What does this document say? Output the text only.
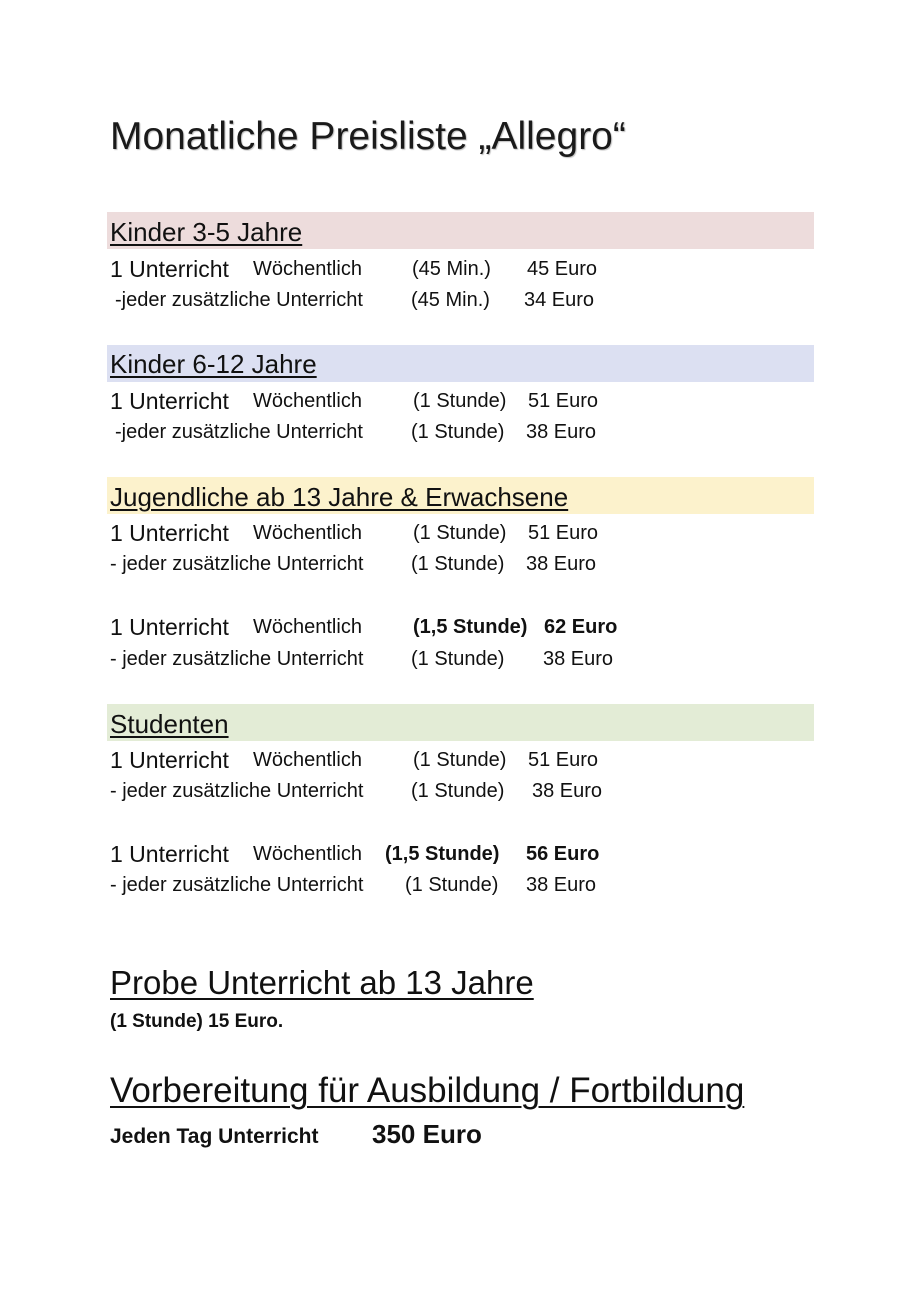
Monatliche Preisliste „Allegro“
Kinder 3-5 Jahre
1 Unterricht Wöchentlich	(45 Min.) 45 Euro
-jeder zusätzliche Unterricht (45 Min.) 34 Euro
Kinder 6-12 Jahre
1 Unterricht Wöchentlich	(1 Stunde) 51 Euro
-jeder zusätzliche Unterricht (1 Stunde) 38 Euro
Jugendliche ab 13 Jahre & Erwachsene
1 Unterricht Wöchentlich	(1 Stunde) 51 Euro
- jeder zusätzliche Unterricht (1 Stunde) 38 Euro
1 Unterricht Wöchentlich	(1,5 Stunde) 62 Euro
- jeder zusätzliche Unterricht (1 Stunde) 38 Euro
Studenten
1 Unterricht Wöchentlich	(1 Stunde) 51 Euro
- jeder zusätzliche Unterricht (1 Stunde) 38 Euro
1 Unterricht Wöchentlich (1,5 Stunde) 56 Euro
- jeder zusätzliche Unterricht (1 Stunde) 38 Euro
Probe Unterricht ab 13 Jahre
(1 Stunde) 15 Euro.
Vorbereitung für Ausbildung / Fortbildung
Jeden Tag Unterricht 350 Euro
